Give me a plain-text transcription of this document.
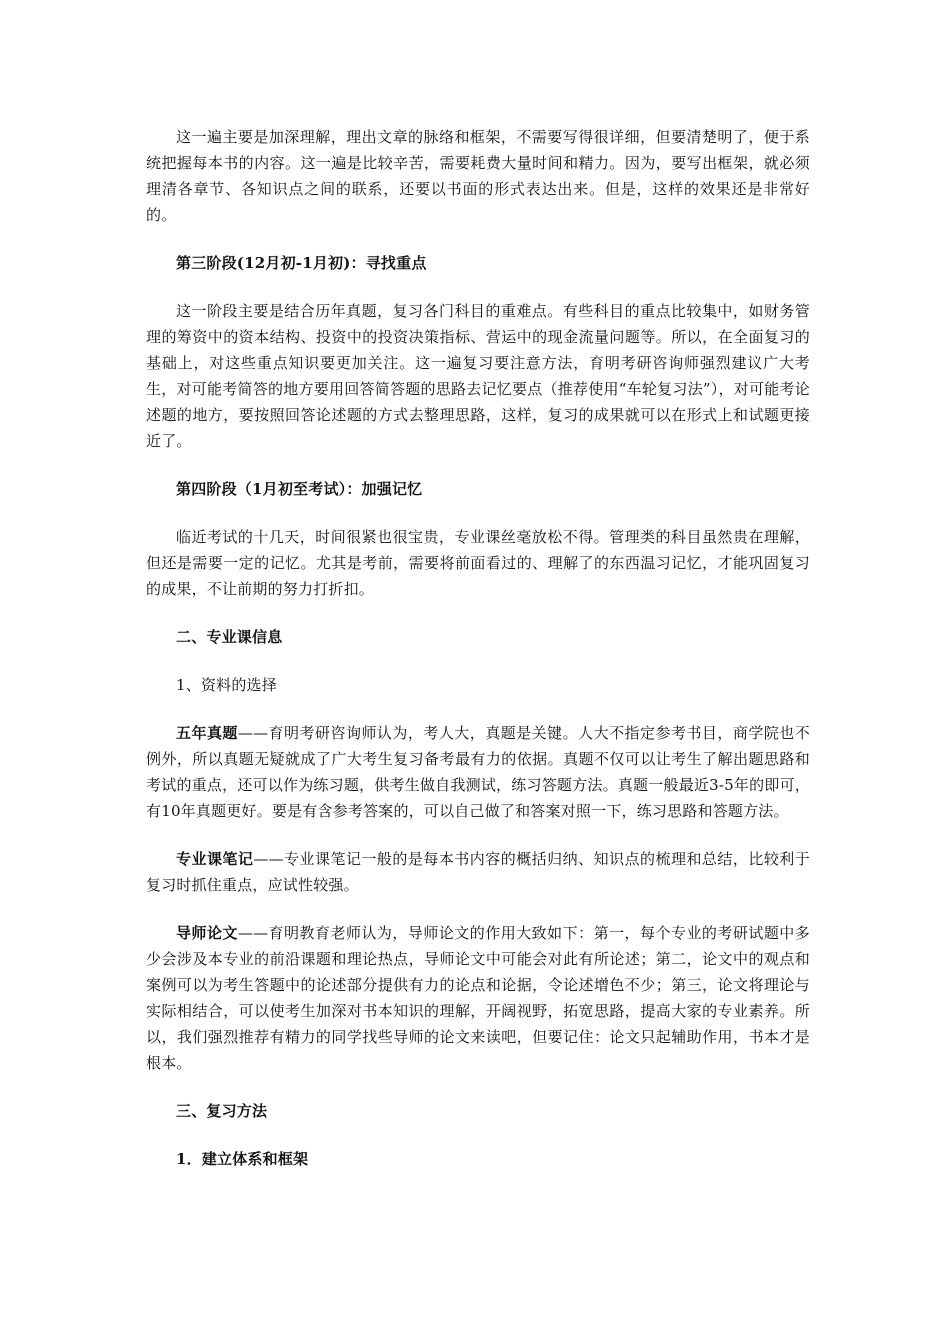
这一遍主要是加深理解，理出文章的脉络和框架，不需要写得很详细，但要清楚明了，便于系统把握每本书的内容。这一遍是比较辛苦，需要耗费大量时间和精力。因为，要写出框架，就必须理清各章节、各知识点之间的联系，还要以书面的形式表达出来。但是，这样的效果还是非常好的。

第三阶段(12月初-1月初)：寻找重点

这一阶段主要是结合历年真题，复习各门科目的重难点。有些科目的重点比较集中，如财务管理的筹资中的资本结构、投资中的投资决策指标、营运中的现金流量问题等。所以，在全面复习的基础上，对这些重点知识要更加关注。这一遍复习要注意方法，育明考研咨询师强烈建议广大考生，对可能考简答的地方要用回答简答题的思路去记忆要点（推荐使用“车轮复习法”），对可能考论述题的地方，要按照回答论述题的方式去整理思路，这样，复习的成果就可以在形式上和试题更接近了。

第四阶段（1月初至考试）：加强记忆

临近考试的十几天，时间很紧也很宝贵，专业课丝毫放松不得。管理类的科目虽然贵在理解，但还是需要一定的记忆。尤其是考前，需要将前面看过的、理解了的东西温习记忆，才能巩固复习的成果，不让前期的努力打折扣。

二、专业课信息

1、资料的选择

五年真题——育明考研咨询师认为，考人大，真题是关键。人大不指定参考书目，商学院也不例外，所以真题无疑就成了广大考生复习备考最有力的依据。真题不仅可以让考生了解出题思路和考试的重点，还可以作为练习题，供考生做自我测试，练习答题方法。真题一般最近3-5年的即可，有10年真题更好。要是有含参考答案的，可以自己做了和答案对照一下，练习思路和答题方法。

专业课笔记——专业课笔记一般的是每本书内容的概括归纳、知识点的梳理和总结，比较利于复习时抓住重点，应试性较强。

导师论文——育明教育老师认为，导师论文的作用大致如下：第一，每个专业的考研试题中多少会涉及本专业的前沿课题和理论热点，导师论文中可能会对此有所论述；第二，论文中的观点和案例可以为考生答题中的论述部分提供有力的论点和论据，令论述增色不少；第三，论文将理论与实际相结合，可以使考生加深对书本知识的理解，开阔视野，拓宽思路，提高大家的专业素养。所以，我们强烈推荐有精力的同学找些导师的论文来读吧，但要记住：论文只起辅助作用，书本才是根本。

三、复习方法

1．建立体系和框架
